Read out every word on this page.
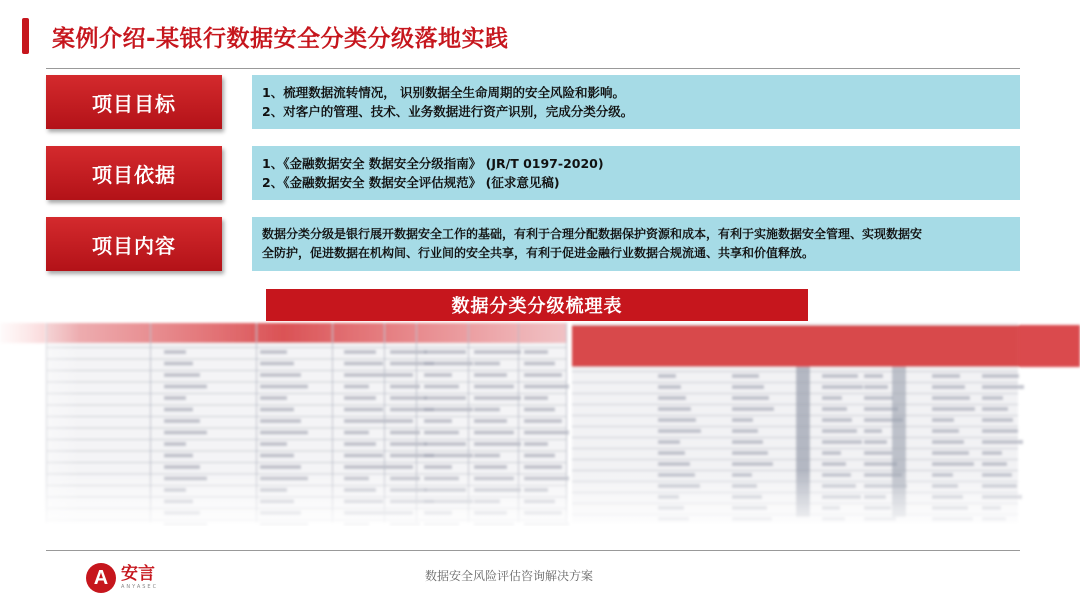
案例介绍-某银行数据安全分类分级落地实践
项目目标	1、梳理数据流转情况， 识别数据全生命周期的安全风险和影响。
2、对客户的管理、技术、业务数据进行资产识别，完成分类分级。
项目依据	1、《金融数据安全 数据安全分级指南》 (JR/T 0197-2020)
2、《金融数据安全 数据安全评估规范》 (征求意见稿)
项目内容	数据分类分级是银行展开数据安全工作的基础，有利于合理分配数据保护资源和成本，有利于实施数据安全管理、实现数据安
全防护，促进数据在机构间、行业间的安全共享，有利于促进金融行业数据合规流通、共享和价值释放。
数据分类分级梳理表
A 安言
ANYASEC
数据安全风险评估咨询解决方案
